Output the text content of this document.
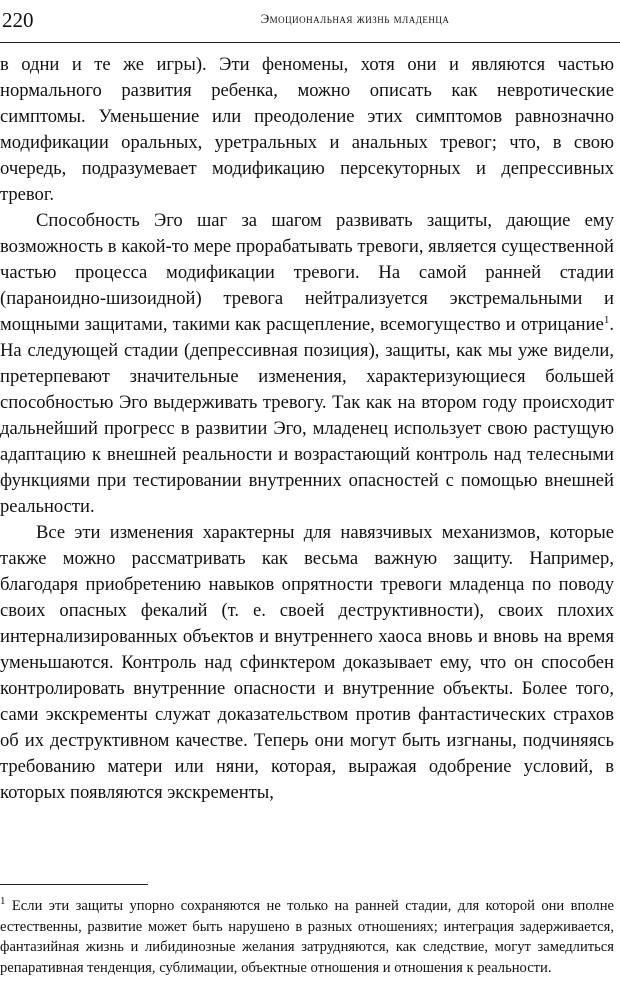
220	Эмоциональная жизнь младенца

в одни и те же игры). Эти феномены, хотя они и являются частью нормального развития ребенка, можно описать как невротические симптомы. Уменьшение или преодоление этих симптомов равнозначно модификации оральных, уретральных и анальных тревог; что, в свою очередь, подразумевает модификацию персекуторных и депрессивных тревог.

Способность Эго шаг за шагом развивать защиты, дающие ему возможность в какой-то мере прорабатывать тревоги, является существенной частью процесса модификации тревоги. На самой ранней стадии (параноидно-шизоидной) тревога нейтрализуется экстремальными и мощными защитами, такими как расщепление, всемогущество и отрицание$^1$. На следующей стадии (депрессивная позиция), защиты, как мы уже видели, претерпевают значительные изменения, характеризующиеся большей способностью Эго выдерживать тревогу. Так как на втором году происходит дальнейший прогресс в развитии Эго, младенец использует свою растущую адаптацию к внешней реальности и возрастающий контроль над телесными функциями при тестировании внутренних опасностей с помощью внешней реальности.

Все эти изменения характерны для навязчивых механизмов, которые также можно рассматривать как весьма важную защиту. Например, благодаря приобретению навыков опрятности тревоги младенца по поводу своих опасных фекалий (т. е. своей деструктивности), своих плохих интернализированных объектов и внутреннего хаоса вновь и вновь на время уменьшаются. Контроль над сфинктером доказывает ему, что он способен контролировать внутренние опасности и внутренние объекты. Более того, сами экскременты служат доказательством против фантастических страхов об их деструктивном качестве. Теперь они могут быть изгнаны, подчиняясь требованию матери или няни, которая, выражая одобрение условий, в которых появляются экскременты,

$^1$ Если эти защиты упорно сохраняются не только на ранней стадии, для которой они вполне естественны, развитие может быть нарушено в разных отношениях; интеграция задерживается, фантазийная жизнь и либидинозные желания затрудняются, как следствие, могут замедлиться репаративная тенденция, сублимации, объектные отношения и отношения к реальности.
